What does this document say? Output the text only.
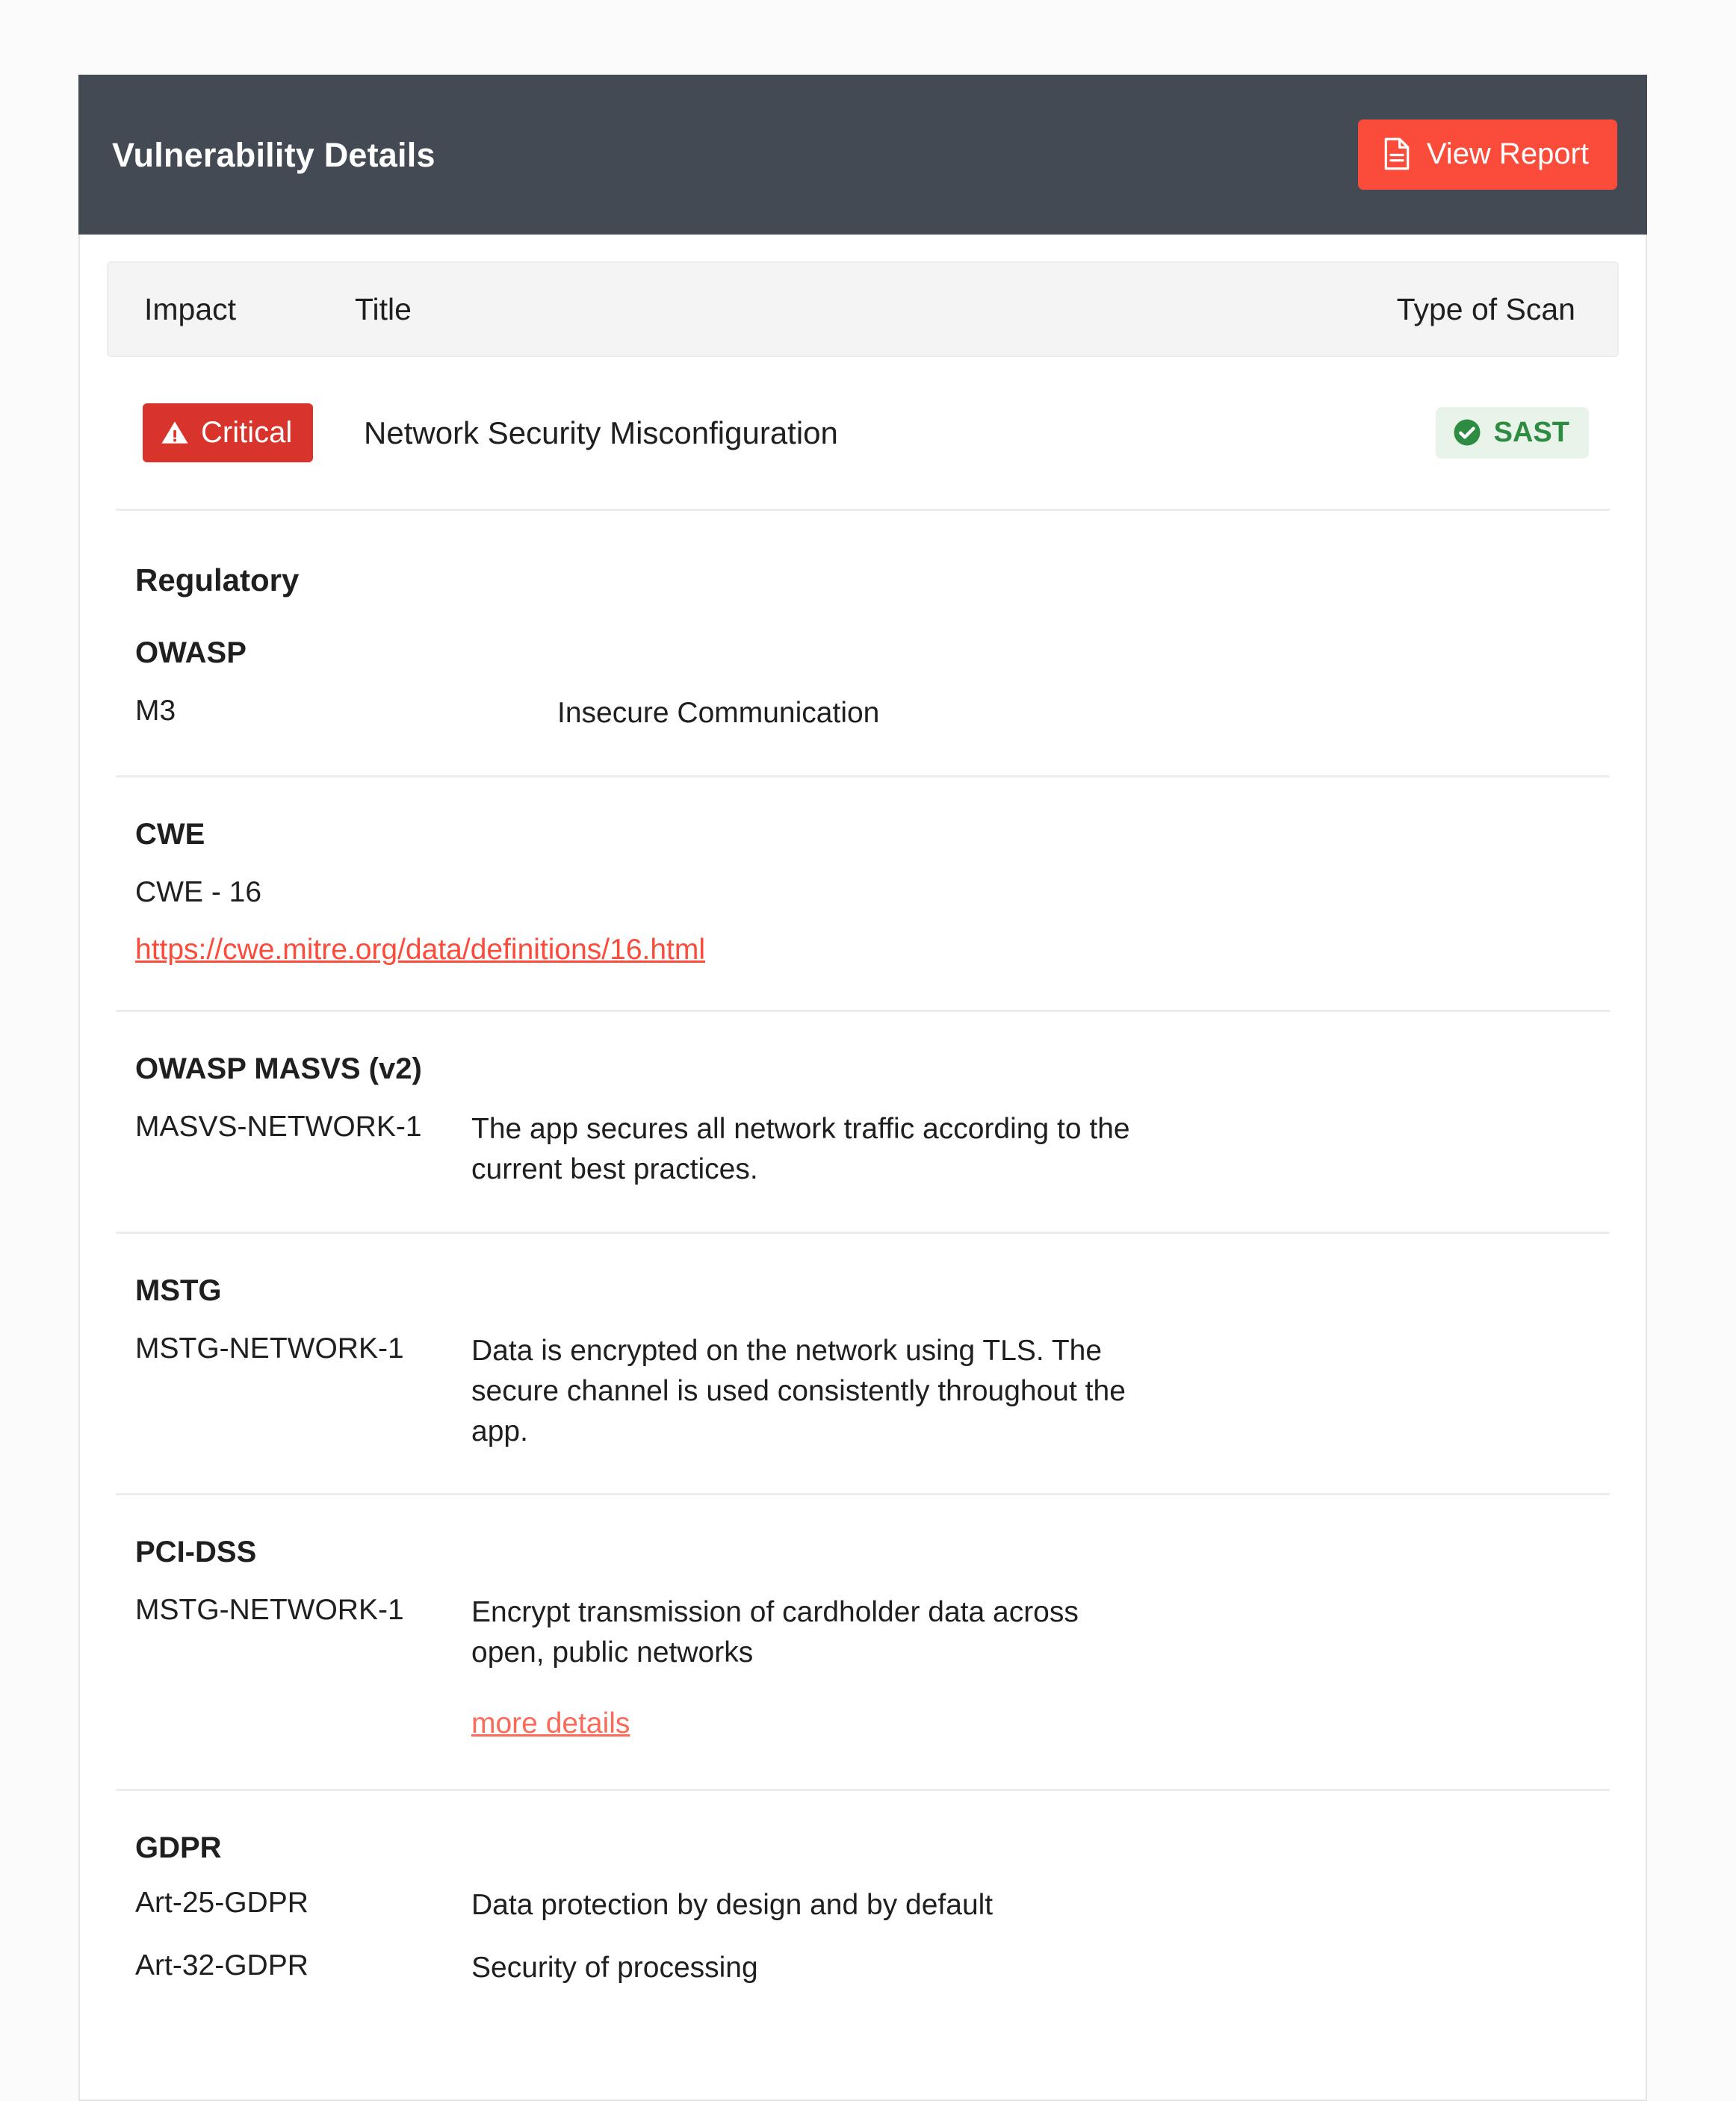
Vulnerability Details	View Report
Impact	Title	Type of Scan
Critical	Network Security Misconfiguration	SAST
Regulatory
OWASP
M3	Insecure Communication
CWE
CWE - 16
https://cwe.mitre.org/data/definitions/16.html
OWASP MASVS (v2)
MASVS-NETWORK-1	The app secures all network traffic according to the current best practices.
MSTG
MSTG-NETWORK-1	Data is encrypted on the network using TLS. The secure channel is used consistently throughout the app.
PCI-DSS
MSTG-NETWORK-1	Encrypt transmission of cardholder data across open, public networks
more details
GDPR
Art-25-GDPR	Data protection by design and by default
Art-32-GDPR	Security of processing
